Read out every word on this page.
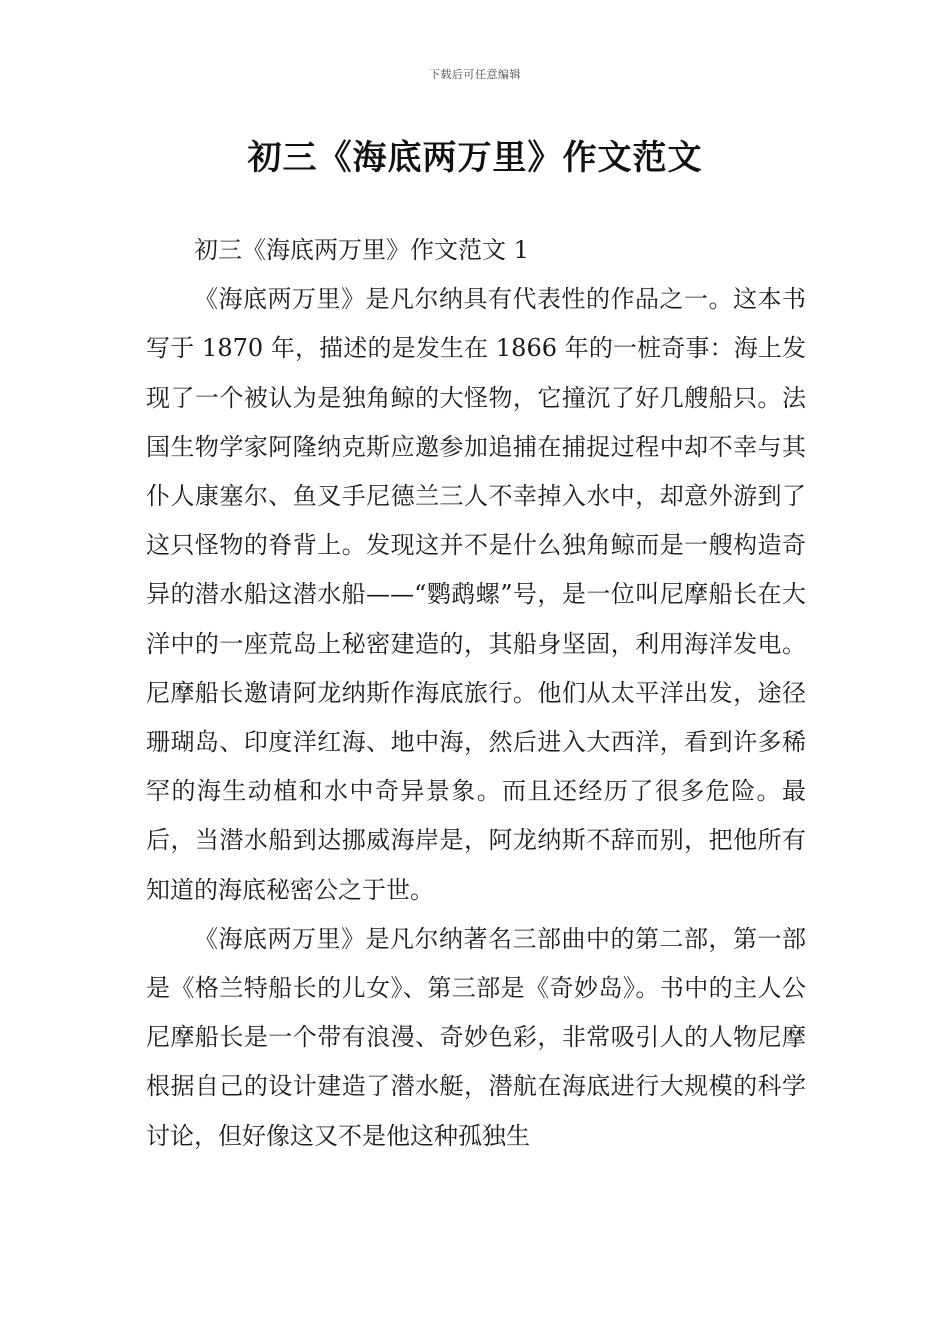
下载后可任意编辑
初三《海底两万里》作文范文

初三《海底两万里》作文范文 1

《海底两万里》是凡尔纳具有代表性的作品之一。这本书写于 1870 年，描述的是发生在 1866 年的一桩奇事：海上发现了一个被认为是独角鲸的大怪物，它撞沉了好几艘船只。法国生物学家阿隆纳克斯应邀参加追捕在捕捉过程中却不幸与其仆人康塞尔、鱼叉手尼德兰三人不幸掉入水中，却意外游到了这只怪物的脊背上。发现这并不是什么独角鲸而是一艘构造奇异的潜水船这潜水船——“鹦鹉螺”号，是一位叫尼摩船长在大洋中的一座荒岛上秘密建造的，其船身坚固，利用海洋发电。尼摩船长邀请阿龙纳斯作海底旅行。他们从太平洋出发，途径珊瑚岛、印度洋红海、地中海，然后进入大西洋，看到许多稀罕的海生动植和水中奇异景象。而且还经历了很多危险。最后，当潜水船到达挪威海岸是，阿龙纳斯不辞而别，把他所有知道的海底秘密公之于世。

《海底两万里》是凡尔纳著名三部曲中的第二部，第一部是《格兰特船长的儿女》、第三部是《奇妙岛》。书中的主人公尼摩船长是一个带有浪漫、奇妙色彩，非常吸引人的人物尼摩根据自己的设计建造了潜水艇，潜航在海底进行大规模的科学讨论，但好像这又不是他这种孤独生
